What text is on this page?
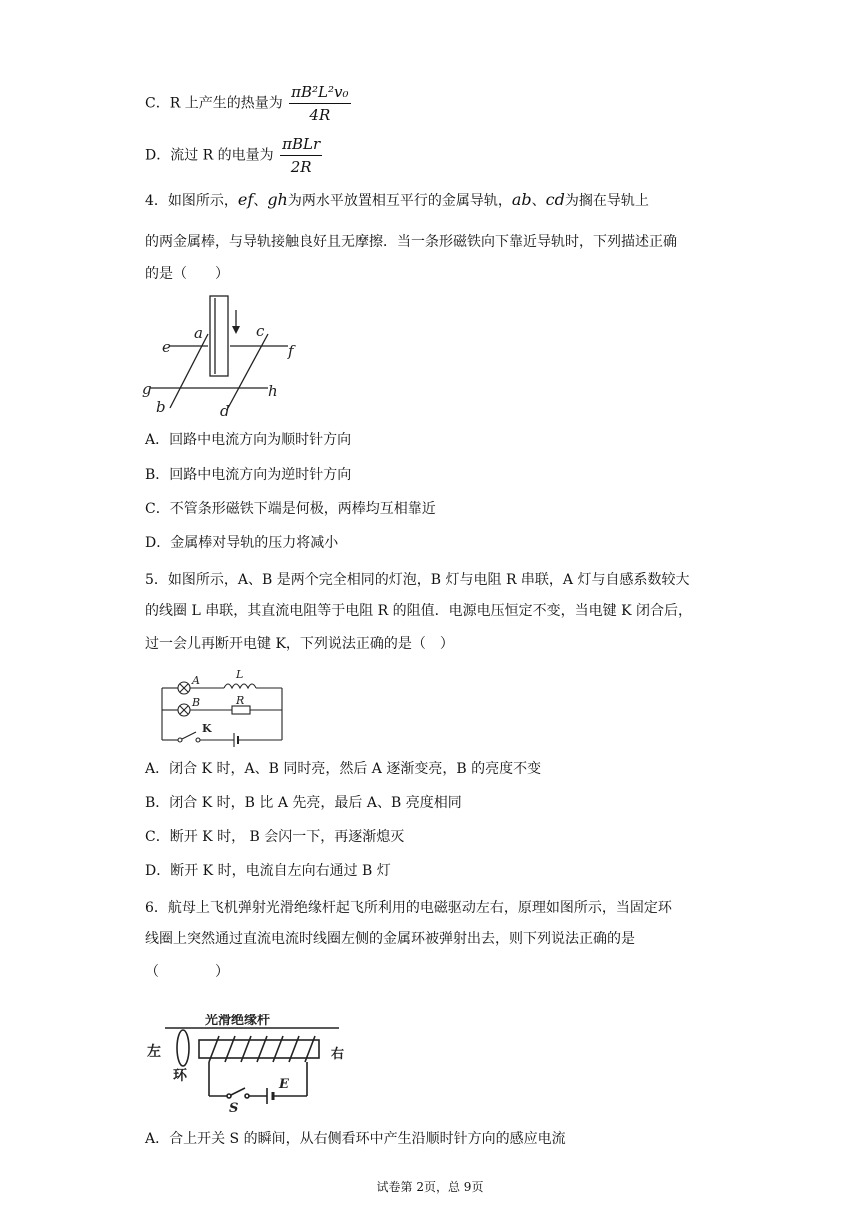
C．R 上产生的热量为 $\frac{\text{πB²L²v₀}}{4R}$
D．流过 R 的电量为 $\frac{\text{πBLr}}{2R}$
4．如图所示，ef、gh为两水平放置相互平行的金属导轨，ab、cd为搁在导轨上
的两金属棒，与导轨接触良好且无摩擦．当一条形磁铁向下靠近导轨时，下列描述正确
的是（　　）
a
b
c
d
e	f
g	h
A．回路中电流方向为顺时针方向
B．回路中电流方向为逆时针方向
C．不管条形磁铁下端是何极，两棒均互相靠近
D．金属棒对导轨的压力将减小
5．如图所示，A、B 是两个完全相同的灯泡，B 灯与电阻 R 串联，A 灯与自感系数较大
的线圈 L 串联，其直流电阻等于电阻 R 的阻值．电源电压恒定不变，当电键 K 闭合后，
过一会儿再断开电键 K，下列说法正确的是（　）
A	L
B	R
K
A．闭合 K 时，A、B 同时亮，然后 A 逐渐变亮，B 的亮度不变
B．闭合 K 时，B 比 A 先亮，最后 A、B 亮度相同
C．断开 K 时， B 会闪一下，再逐渐熄灭
D．断开 K 时，电流自左向右通过 B 灯
6．航母上飞机弹射光滑绝缘杆起飞所利用的电磁驱动左右，原理如图所示，当固定环
线圈上突然通过直流电流时线圈左侧的金属环被弹射出去，则下列说法正确的是
（　　　　）
光滑绝缘杆
左	右
环
S
E
A．合上开关 S 的瞬间，从右侧看环中产生沿顺时针方向的感应电流
试卷第 2页，总 9页
